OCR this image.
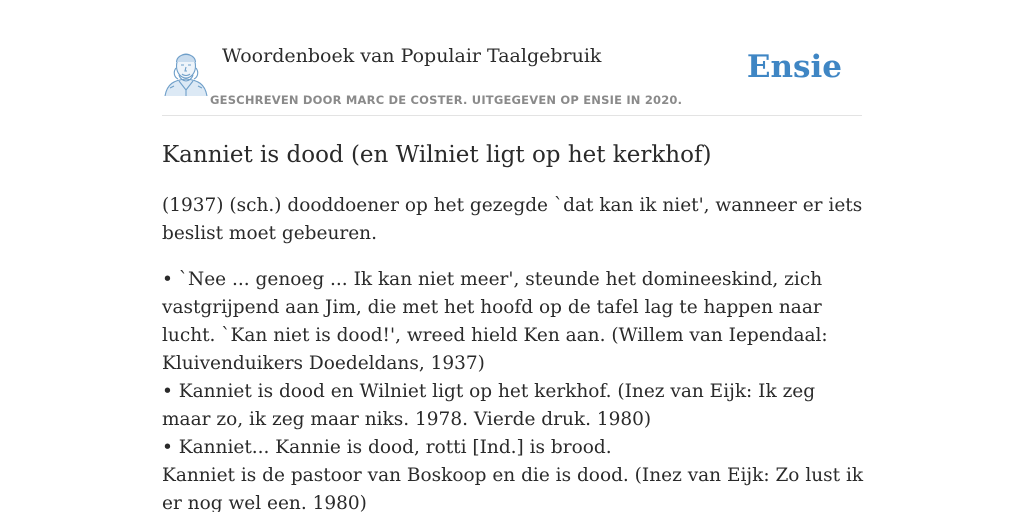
Woordenboek van Populair Taalgebruik
GESCHREVEN DOOR MARC DE COSTER. UITGEGEVEN OP ENSIE IN 2020.
Ensie
Kanniet is dood (en Wilniet ligt op het kerkhof)

(1937) (sch.) dooddoener op het gezegde `dat kan ik niet', wanneer er iets beslist moet gebeuren.

• `Nee ... genoeg ... Ik kan niet meer', steunde het domineeskind, zich vastgrijpend aan Jim, die met het hoofd op de tafel lag te happen naar lucht. `Kan niet is dood!', wreed hield Ken aan. (Willem van Iependaal: Kluivenduikers Doedeldans, 1937)
• Kanniet is dood en Wilniet ligt op het kerkhof. (Inez van Eijk: Ik zeg maar zo, ik zeg maar niks. 1978. Vierde druk. 1980)
• Kanniet... Kannie is dood, rotti [Ind.] is brood.
Kanniet is de pastoor van Boskoop en die is dood. (Inez van Eijk: Zo lust ik er nog wel een. 1980)
